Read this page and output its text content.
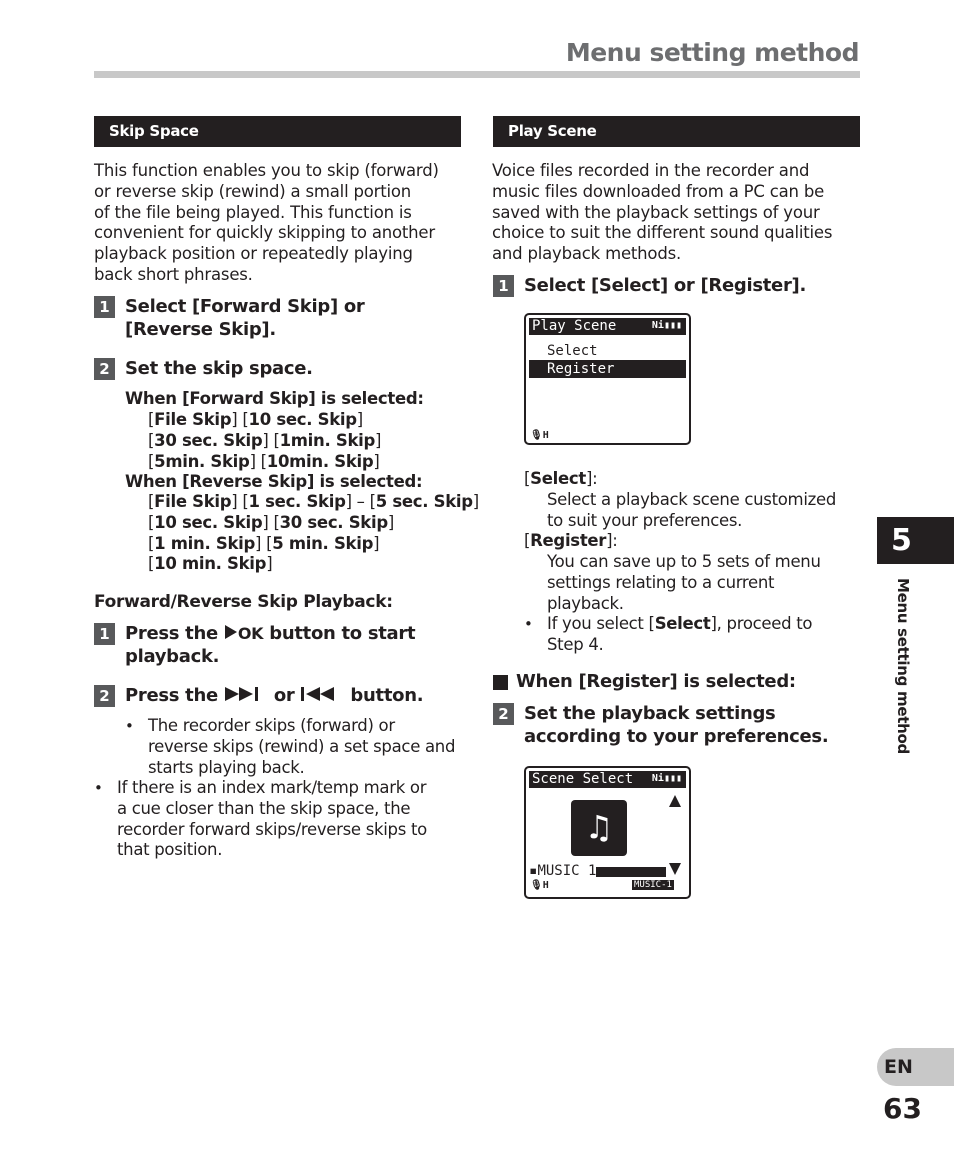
Menu setting method
Skip Space
This function enables you to skip (forward)
or reverse skip (rewind) a small portion
of the file being played. This function is
convenient for quickly skipping to another
playback position or repeatedly playing
back short phrases.
1 Select [Forward Skip] or
[Reverse Skip].
2 Set the skip space.
When [Forward Skip] is selected:
[File Skip] [10 sec. Skip]
[30 sec. Skip] [1min. Skip]
[5min. Skip] [10min. Skip]
When [Reverse Skip] is selected:
[File Skip] [1 sec. Skip] – [5 sec. Skip]
[10 sec. Skip] [30 sec. Skip]
[1 min. Skip] [5 min. Skip]
[10 min. Skip]
Forward/Reverse Skip Playback:
1 Press the OK button to start
playback.
2 Press the  or  button.
• The recorder skips (forward) or
reverse skips (rewind) a set space and
starts playing back.
• If there is an index mark/temp mark or
a cue closer than the skip space, the
recorder forward skips/reverse skips to
that position.
Play Scene
Voice files recorded in the recorder and
music files downloaded from a PC can be
saved with the playback settings of your
choice to suit the different sound qualities
and playback methods.
1 Select [Select] or [Register].
Play Scene	Ni▮▮▮
Select
Register
🎙H
[Select]:
Select a playback scene customized
to suit your preferences.
[Register]:
You can save up to 5 sets of menu
settings relating to a current
playback.
• If you select [Select], proceed to
Step 4.
When [Register] is selected:
2 Set the playback settings
according to your preferences.
Scene Select	Ni▮▮▮
♫
▪MUSIC 1
🎙H	MUSIC-1
5
Menu setting method
EN
63
